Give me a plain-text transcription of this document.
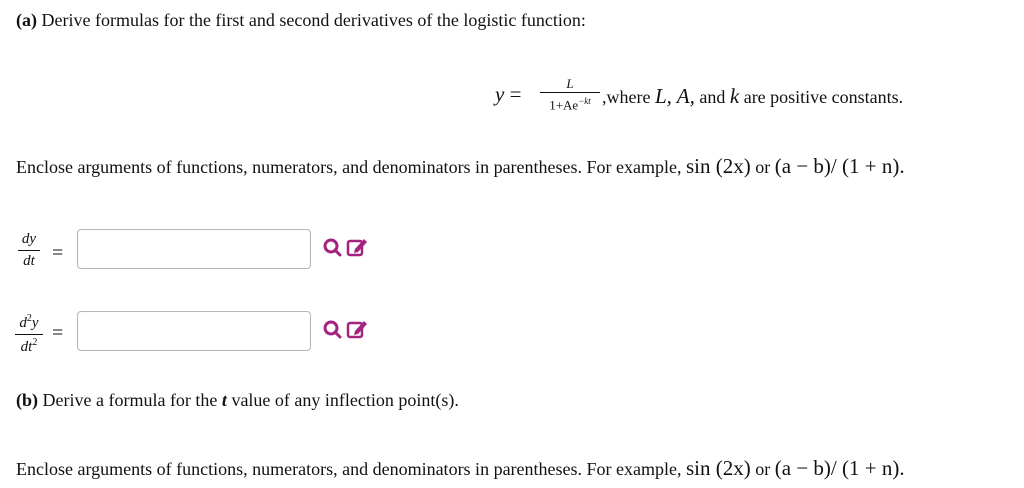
(a) Derive formulas for the first and second derivatives of the logistic function:
y =	L
$1+Ae^{-kt}$ ,where L, A, and k are positive constants.
Enclose arguments of functions, numerators, and denominators in parentheses. For example, sin (2x) or (a − b)/ (1 + n).
dy
dt =
$d^2y$
$dt^2$ =
(b) Derive a formula for the t value of any inflection point(s).
Enclose arguments of functions, numerators, and denominators in parentheses. For example, sin (2x) or (a − b)/ (1 + n).
